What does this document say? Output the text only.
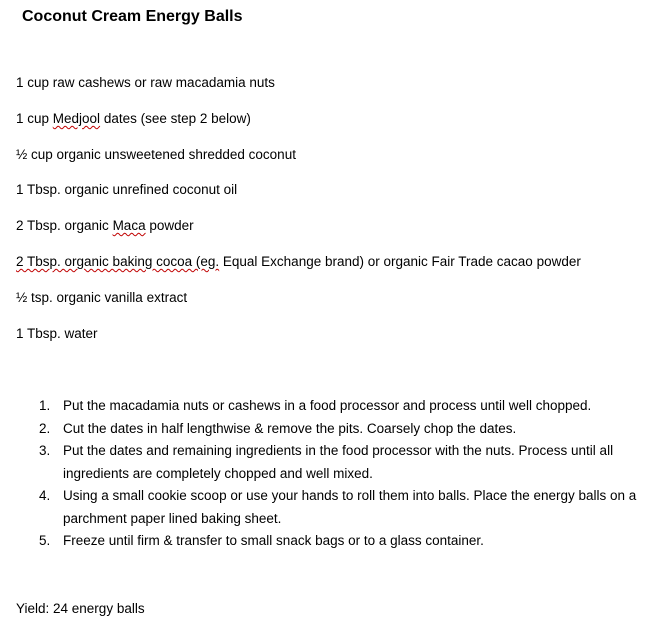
Coconut Cream Energy Balls
1 cup raw cashews or raw macadamia nuts
1 cup Medjool dates (see step 2 below)
½ cup organic unsweetened shredded coconut
1 Tbsp. organic unrefined coconut oil
2 Tbsp. organic Maca powder
2 Tbsp. organic baking cocoa (eg. Equal Exchange brand) or organic Fair Trade cacao powder
½ tsp. organic vanilla extract
1 Tbsp. water
1. Put the macadamia nuts or cashews in a food processor and process until well chopped.
2. Cut the dates in half lengthwise & remove the pits. Coarsely chop the dates.
3. Put the dates and remaining ingredients in the food processor with the nuts. Process until all ingredients are completely chopped and well mixed.
4. Using a small cookie scoop or use your hands to roll them into balls. Place the energy balls on a parchment paper lined baking sheet.
5. Freeze until firm & transfer to small snack bags or to a glass container.
Yield: 24 energy balls
